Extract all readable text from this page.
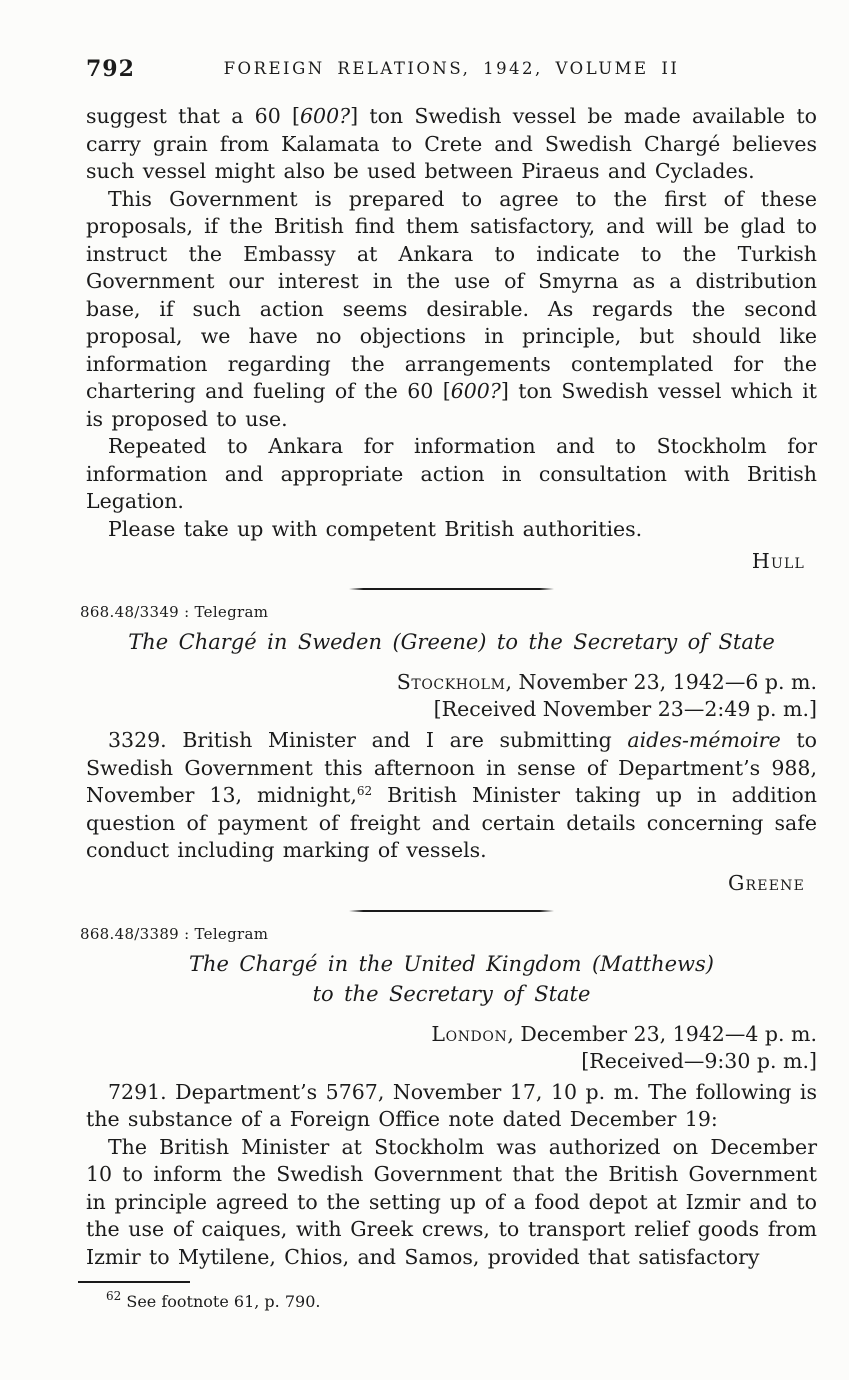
792	FOREIGN RELATIONS, 1942, VOLUME II

suggest that a 60 [600?] ton Swedish vessel be made available to carry grain from Kalamata to Crete and Swedish Chargé believes such vessel might also be used between Piraeus and Cyclades.

This Government is prepared to agree to the first of these proposals, if the British find them satisfactory, and will be glad to instruct the Embassy at Ankara to indicate to the Turkish Government our interest in the use of Smyrna as a distribution base, if such action seems desirable. As regards the second proposal, we have no objections in principle, but should like information regarding the arrangements contemplated for the chartering and fueling of the 60 [600?] ton Swedish vessel which it is proposed to use.

Repeated to Ankara for information and to Stockholm for information and appropriate action in consultation with British Legation.

Please take up with competent British authorities.

Hull

868.48/3349 : Telegram

The Chargé in Sweden (Greene) to the Secretary of State

Stockholm, November 23, 1942—6 p. m.

[Received November 23—2:49 p. m.]

3329. British Minister and I are submitting aides-mémoire to Swedish Government this afternoon in sense of Department’s 988, November 13, midnight,$^{62}$ British Minister taking up in addition question of payment of freight and certain details concerning safe conduct including marking of vessels.

Greene

868.48/3389 : Telegram

The Chargé in the United Kingdom (Matthews)
to the Secretary of State

London, December 23, 1942—4 p. m.

[Received—9:30 p. m.]

7291. Department’s 5767, November 17, 10 p. m. The following is the substance of a Foreign Office note dated December 19:

The British Minister at Stockholm was authorized on December 10 to inform the Swedish Government that the British Government in principle agreed to the setting up of a food depot at Izmir and to the use of caiques, with Greek crews, to transport relief goods from Izmir to Mytilene, Chios, and Samos, provided that satisfactory

$^{62}$ See footnote 61, p. 790.
